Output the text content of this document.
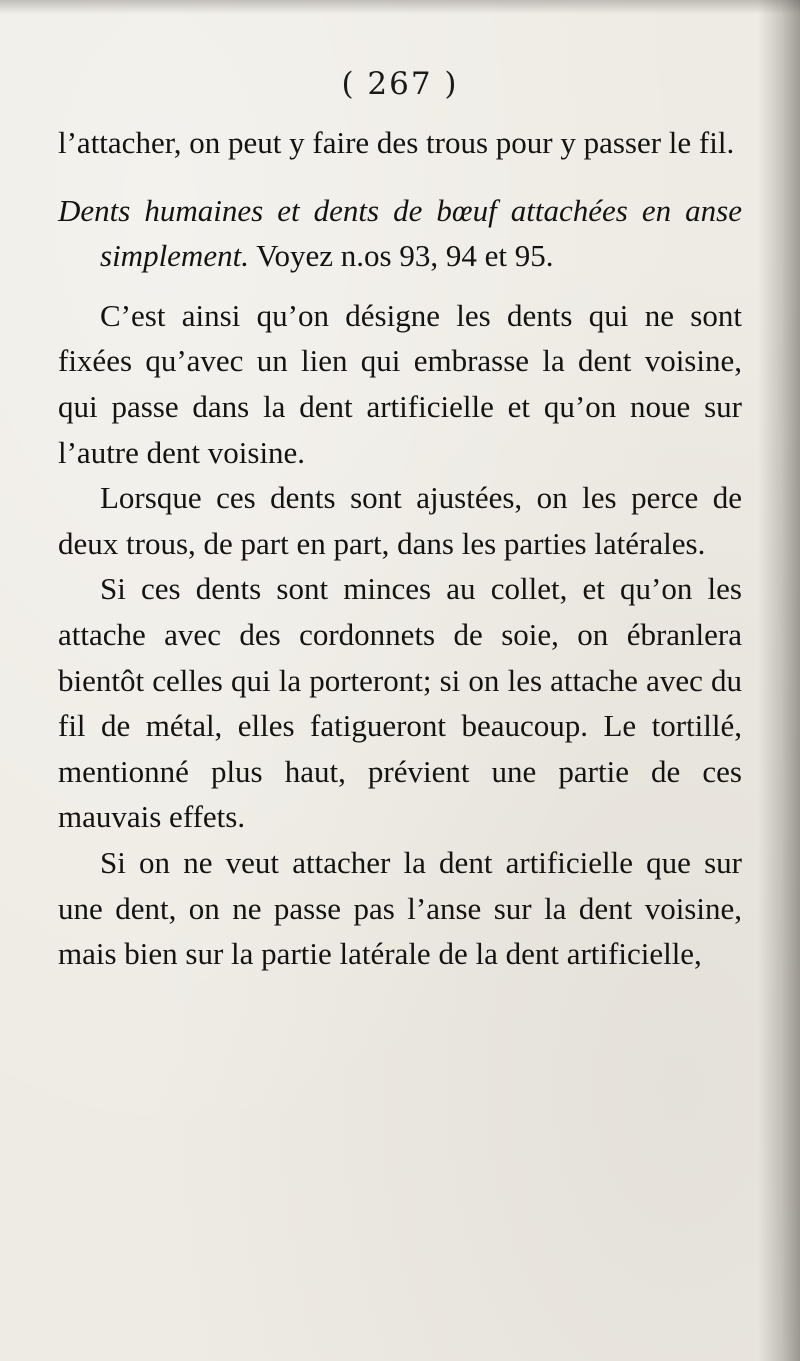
( 267 )

l’attacher, on peut y faire des trous pour y passer le fil.

Dents humaines et dents de bœuf attachées en anse simplement. Voyez n.os 93, 94 et 95.

C’est ainsi qu’on désigne les dents qui ne sont fixées qu’avec un lien qui embrasse la dent voisine, qui passe dans la dent artificielle et qu’on noue sur l’autre dent voisine.

Lorsque ces dents sont ajustées, on les perce de deux trous, de part en part, dans les parties latérales.

Si ces dents sont minces au collet, et qu’on les attache avec des cordonnets de soie, on ébranlera bientôt celles qui la porteront; si on les attache avec du fil de métal, elles fatigueront beaucoup. Le tortillé, mentionné plus haut, prévient une partie de ces mauvais effets.

Si on ne veut attacher la dent artificielle que sur une dent, on ne passe pas l’anse sur la dent voisine, mais bien sur la partie latérale de la dent artificielle,
